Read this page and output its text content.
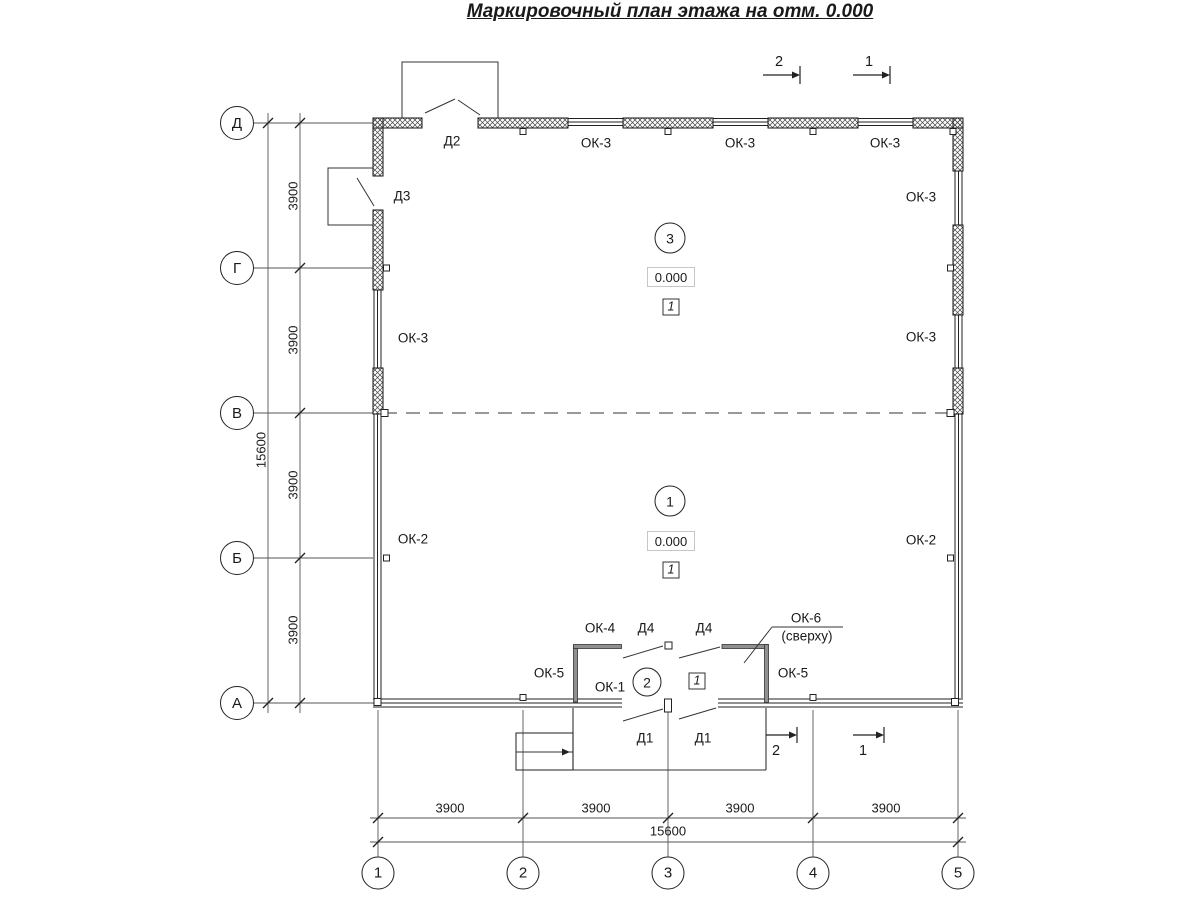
Маркировочный план этажа на отм. 0.000
Д
Г
В
Б
А
1	2	3	4	5
3900
3900
3900
3900
15600
3900	3900	3900	3900
15600
ОК-3	ОК-3	ОК-3
ОК-3
ОК-3
ОК-2
ОК-3
ОК-2
ОК-4
ОК-5	ОК-5
ОК-1
ОК-6
(сверху)
Д2
Д3
Д4	Д4
Д1	Д1
3
0.000
1
1
0.000
1
2	1
2	1
2	1
